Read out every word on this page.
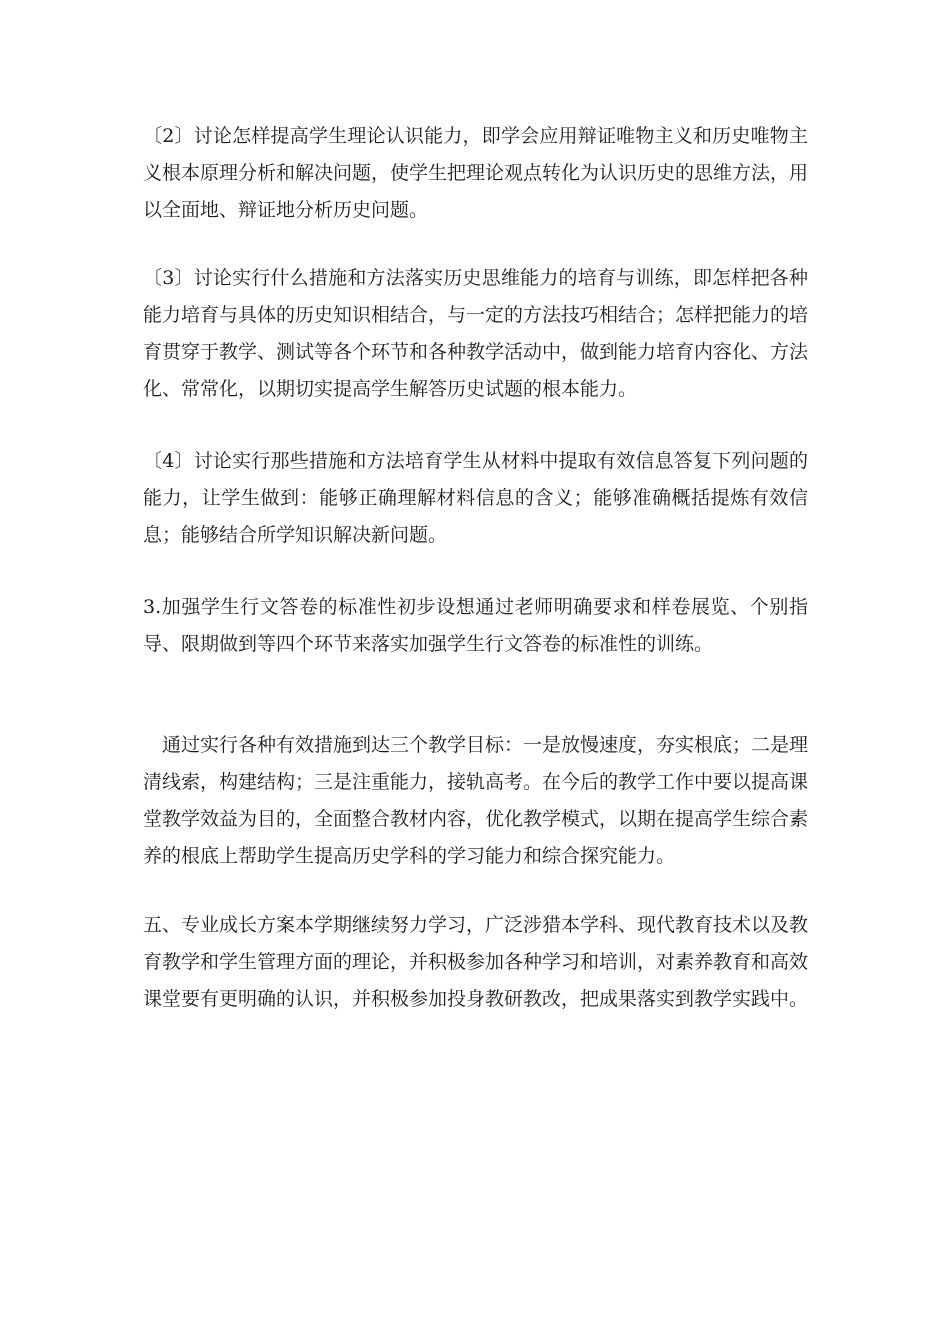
〔2〕讨论怎样提高学生理论认识能力，即学会应用辩证唯物主义和历史唯物主义根本原理分析和解决问题，使学生把理论观点转化为认识历史的思维方法，用以全面地、辩证地分析历史问题。

〔3〕讨论实行什么措施和方法落实历史思维能力的培育与训练，即怎样把各种能力培育与具体的历史知识相结合，与一定的方法技巧相结合；怎样把能力的培育贯穿于教学、测试等各个环节和各种教学活动中，做到能力培育内容化、方法化、常常化，以期切实提高学生解答历史试题的根本能力。

〔4〕讨论实行那些措施和方法培育学生从材料中提取有效信息答复下列问题的能力，让学生做到：能够正确理解材料信息的含义；能够准确概括提炼有效信息；能够结合所学知识解决新问题。

3.加强学生行文答卷的标准性初步设想通过老师明确要求和样卷展览、个别指导、限期做到等四个环节来落实加强学生行文答卷的标准性的训练。

通过实行各种有效措施到达三个教学目标：一是放慢速度，夯实根底；二是理清线索，构建结构；三是注重能力，接轨高考。在今后的教学工作中要以提高课堂教学效益为目的，全面整合教材内容，优化教学模式，以期在提高学生综合素养的根底上帮助学生提高历史学科的学习能力和综合探究能力。

五、专业成长方案本学期继续努力学习，广泛涉猎本学科、现代教育技术以及教育教学和学生管理方面的理论，并积极参加各种学习和培训，对素养教育和高效课堂要有更明确的认识，并积极参加投身教研教改，把成果落实到教学实践中。
